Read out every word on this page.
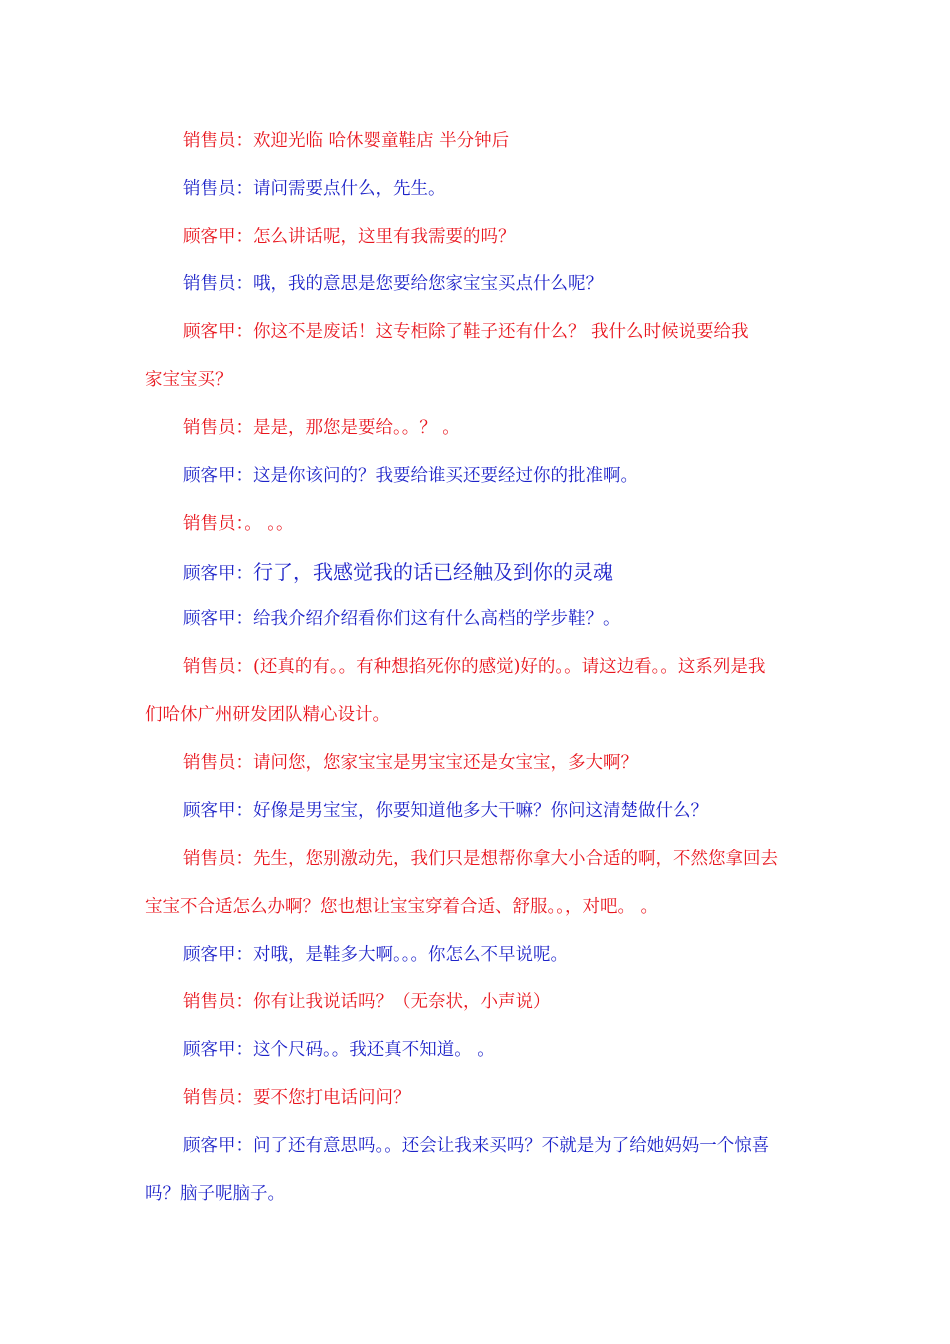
销售员：欢迎光临 哈休婴童鞋店 半分钟后
销售员：请问需要点什么，先生。
顾客甲：怎么讲话呢，这里有我需要的吗？
销售员：哦，我的意思是您要给您家宝宝买点什么呢？
顾客甲：你这不是废话！这专柜除了鞋子还有什么？ 我什么时候说要给我
家宝宝买？
销售员：是是，那您是要给。。？ 。
顾客甲：这是你该问的？我要给谁买还要经过你的批准啊。
销售员：。 。。
顾客甲：行了，我感觉我的话已经触及到你的灵魂
顾客甲：给我介绍介绍看你们这有什么高档的学步鞋？。
销售员：(还真的有。。有种想掐死你的感觉)好的。。请这边看。。这系列是我
们哈休广州研发团队精心设计。
销售员：请问您，您家宝宝是男宝宝还是女宝宝，多大啊？
顾客甲：好像是男宝宝，你要知道他多大干嘛？你问这清楚做什么？
销售员：先生，您别激动先，我们只是想帮你拿大小合适的啊，不然您拿回去
宝宝不合适怎么办啊？您也想让宝宝穿着合适、舒服。。，对吧。 。
顾客甲：对哦，是鞋多大啊。。。你怎么不早说呢。
销售员：你有让我说话吗？（无奈状，小声说）
顾客甲：这个尺码。。我还真不知道。 。
销售员：要不您打电话问问？
顾客甲：问了还有意思吗。。还会让我来买吗？不就是为了给她妈妈一个惊喜
吗？脑子呢脑子。
